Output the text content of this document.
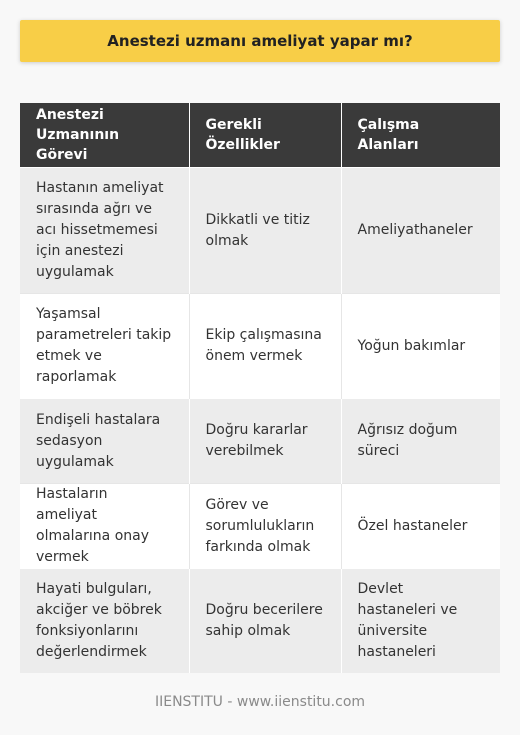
Anestezi uzmanı ameliyat yapar mı?
Anestezi Uzmanının Görevi	Gerekli Özellikler	Çalışma Alanları
Hastanın ameliyat sırasında ağrı ve acı hissetmemesi için anestezi uygulamak	Dikkatli ve titiz olmak	Ameliyathaneler
Yaşamsal parametreleri takip etmek ve raporlamak	Ekip çalışmasına önem vermek	Yoğun bakımlar
Endişeli hastalara sedasyon uygulamak	Doğru kararlar verebilmek	Ağrısız doğum süreci
Hastaların ameliyat olmalarına onay vermek	Görev ve sorumlulukların farkında olmak	Özel hastaneler
Hayati bulguları, akciğer ve böbrek fonksiyonlarını değerlendirmek	Doğru becerilere sahip olmak	Devlet hastaneleri ve üniversite hastaneleri
IIENSTITU - www.iienstitu.com
